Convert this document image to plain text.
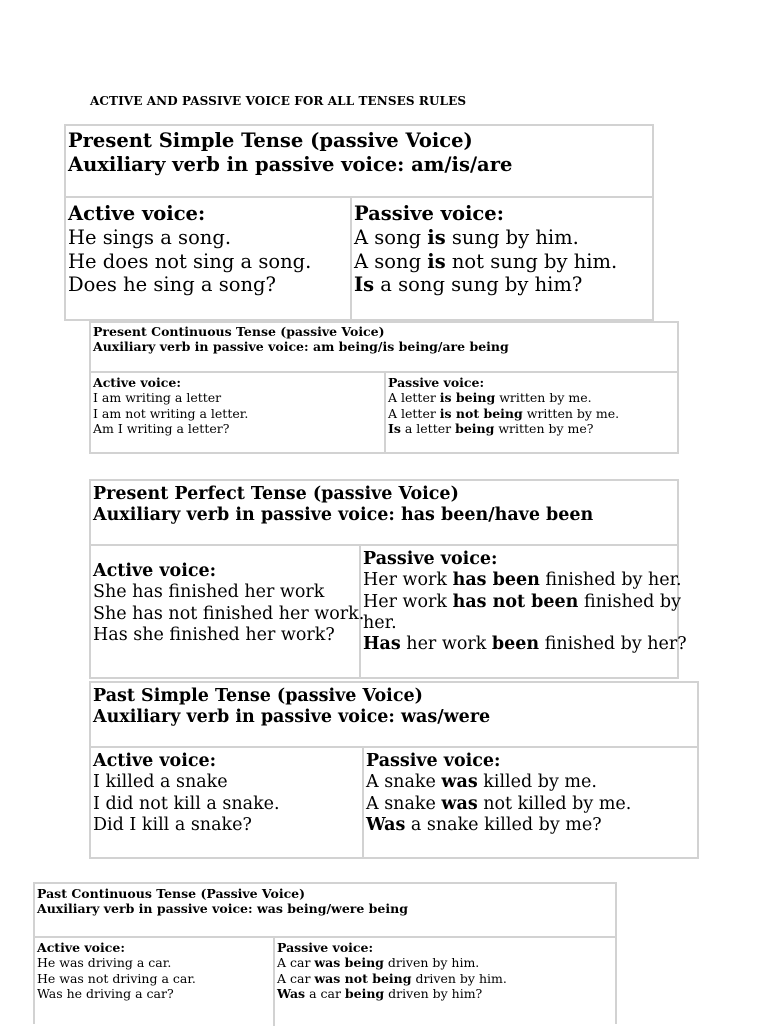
ACTIVE AND PASSIVE VOICE FOR ALL TENSES RULES
Present Simple Tense (passive Voice)
Auxiliary verb in passive voice: am/is/are
Active voice:
He sings a song.
He does not sing a song. Does he sing a song?
Passive voice:
A song is sung by him.
A song is not sung by him.
Is a song sung by him?
Present Continuous Tense (passive Voice)
Auxiliary verb in passive voice: am being/is being/are being
Active voice:
I am writing a letter
I am not writing a letter.
Am I writing a letter?
Passive voice:
A letter is being written by me.
A letter is not being written by me.
Is a letter being written by me?
Present Perfect Tense (passive Voice)
Auxiliary verb in passive voice: has been/have been
Active voice:
She has finished her work
She has not finished her work.
Has she finished her work?
Passive voice:
Her work has been finished by her.
Her work has not been finished by
her.
Has her work been finished by her?
Past Simple Tense (passive Voice)
Auxiliary verb in passive voice: was/were
Active voice:
I killed a snake
I did not kill a snake.
Did I kill a snake?
Passive voice:
A snake was killed by me.
A snake was not killed by me.
Was a snake killed by me?
Past Continuous Tense (Passive Voice)
Auxiliary verb in passive voice: was being/were being
Active voice:
He was driving a car.
He was not driving a car.
Was he driving a car?
Passive voice:
A car was being driven by him.
A car was not being driven by him.
Was a car being driven by him?
